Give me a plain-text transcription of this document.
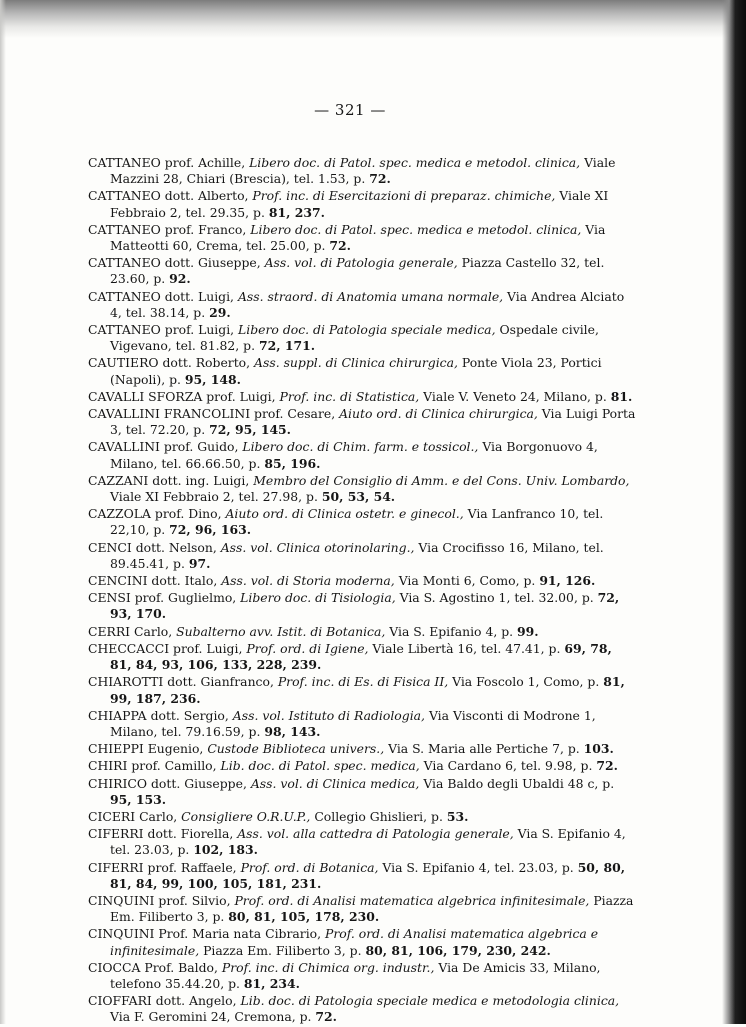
— 321 —

CATTANEO prof. Achille, Libero doc. di Patol. spec. medica e metodol. clinica, Viale Mazzini 28, Chiari (Brescia), tel. 1.53, p. 72.

CATTANEO dott. Alberto, Prof. inc. di Esercitazioni di preparaz. chimiche, Viale XI Febbraio 2, tel. 29.35, p. 81, 237.

CATTANEO prof. Franco, Libero doc. di Patol. spec. medica e metodol. clinica, Via Matteotti 60, Crema, tel. 25.00, p. 72.

CATTANEO dott. Giuseppe, Ass. vol. di Patologia generale, Piazza Castello 32, tel. 23.60, p. 92.

CATTANEO dott. Luigi, Ass. straord. di Anatomia umana normale, Via Andrea Alciato 4, tel. 38.14, p. 29.

CATTANEO prof. Luigi, Libero doc. di Patologia speciale medica, Ospedale civile, Vigevano, tel. 81.82, p. 72, 171.

CAUTIERO dott. Roberto, Ass. suppl. di Clinica chirurgica, Ponte Viola 23, Portici (Napoli), p. 95, 148.

CAVALLI SFORZA prof. Luigi, Prof. inc. di Statistica, Viale V. Veneto 24, Milano, p. 81.

CAVALLINI FRANCOLINI prof. Cesare, Aiuto ord. di Clinica chirurgica, Via Luigi Porta 3, tel. 72.20, p. 72, 95, 145.

CAVALLINI prof. Guido, Libero doc. di Chim. farm. e tossicol., Via Borgonuovo 4, Milano, tel. 66.66.50, p. 85, 196.

CAZZANI dott. ing. Luigi, Membro del Consiglio di Amm. e del Cons. Univ. Lombardo, Viale XI Febbraio 2, tel. 27.98, p. 50, 53, 54.

CAZZOLA prof. Dino, Aiuto ord. di Clinica ostetr. e ginecol., Via Lanfranco 10, tel. 22,10, p. 72, 96, 163.

CENCI dott. Nelson, Ass. vol. Clinica otorinolaring., Via Crocifisso 16, Milano, tel. 89.45.41, p. 97.

CENCINI dott. Italo, Ass. vol. di Storia moderna, Via Monti 6, Como, p. 91, 126.

CENSI prof. Guglielmo, Libero doc. di Tisiologia, Via S. Agostino 1, tel. 32.00, p. 72, 93, 170.

CERRI Carlo, Subalterno avv. Istit. di Botanica, Via S. Epifanio 4, p. 99.

CHECCACCI prof. Luigi, Prof. ord. di Igiene, Viale Libertà 16, tel. 47.41, p. 69, 78, 81, 84, 93, 106, 133, 228, 239.

CHIAROTTI dott. Gianfranco, Prof. inc. di Es. di Fisica II, Via Foscolo 1, Como, p. 81, 99, 187, 236.

CHIAPPA dott. Sergio, Ass. vol. Istituto di Radiologia, Via Visconti di Modrone 1, Milano, tel. 79.16.59, p. 98, 143.

CHIEPPI Eugenio, Custode Biblioteca univers., Via S. Maria alle Pertiche 7, p. 103.

CHIRI prof. Camillo, Lib. doc. di Patol. spec. medica, Via Cardano 6, tel. 9.98, p. 72.

CHIRICO dott. Giuseppe, Ass. vol. di Clinica medica, Via Baldo degli Ubaldi 48 c, p. 95, 153.

CICERI Carlo, Consigliere O.R.U.P., Collegio Ghislieri, p. 53.

CIFERRI dott. Fiorella, Ass. vol. alla cattedra di Patologia generale, Via S. Epifanio 4, tel. 23.03, p. 102, 183.

CIFERRI prof. Raffaele, Prof. ord. di Botanica, Via S. Epifanio 4, tel. 23.03, p. 50, 80, 81, 84, 99, 100, 105, 181, 231.

CINQUINI prof. Silvio, Prof. ord. di Analisi matematica algebrica infinitesimale, Piazza Em. Filiberto 3, p. 80, 81, 105, 178, 230.

CINQUINI Prof. Maria nata Cibrario, Prof. ord. di Analisi matematica algebrica e infinitesimale, Piazza Em. Filiberto 3, p. 80, 81, 106, 179, 230, 242.

CIOCCA Prof. Baldo, Prof. inc. di Chimica org. industr., Via De Amicis 33, Milano, telefono 35.44.20, p. 81, 234.

CIOFFARI dott. Angelo, Lib. doc. di Patologia speciale medica e metodologia clinica, Via F. Geromini 24, Cremona, p. 72.
